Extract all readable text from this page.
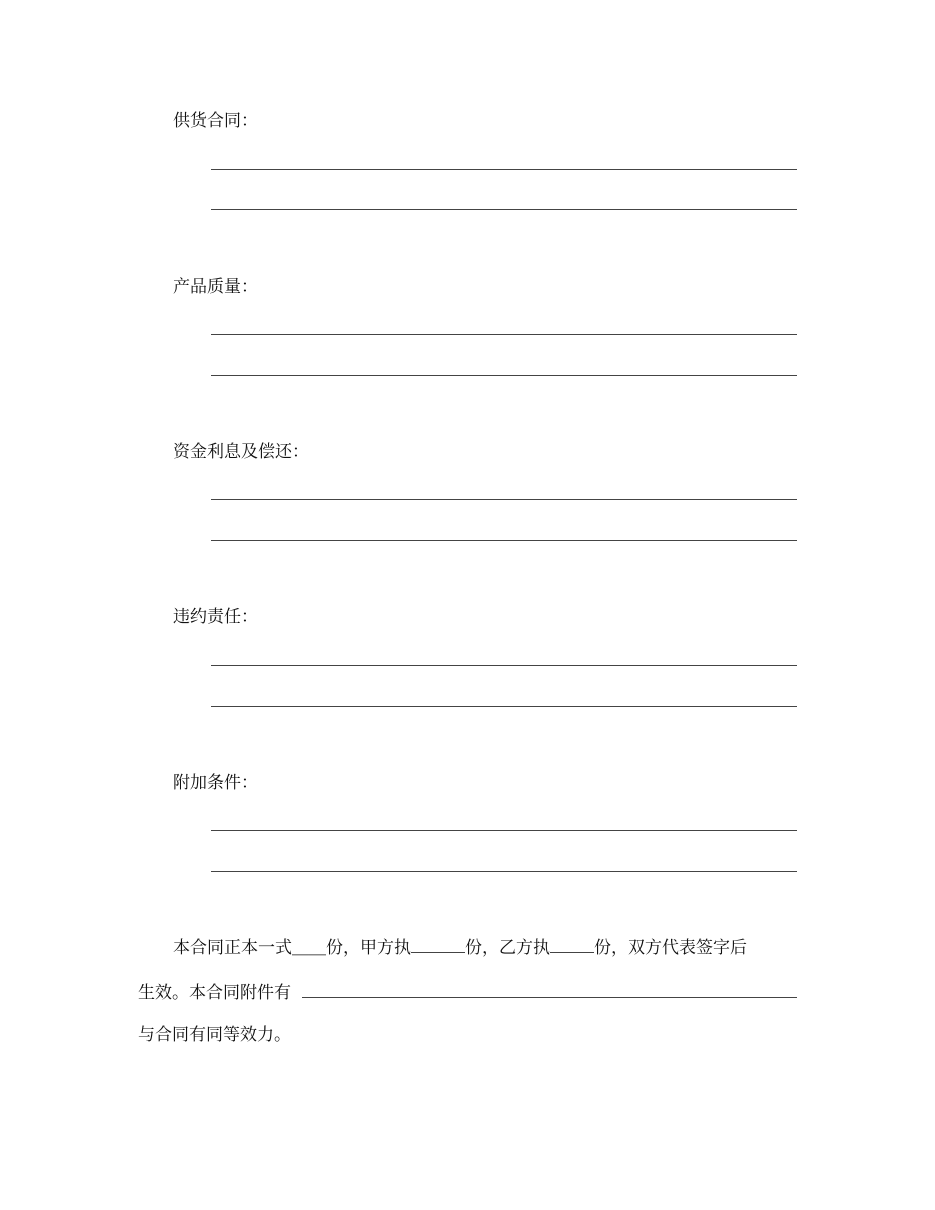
供货合同：
产品质量：
资金利息及偿还：
违约责任：
附加条件：
本合同正本一式＿＿份，甲方执	份，乙方执	份，双方代表签字后
生效。本合同附件有
与合同有同等效力。
